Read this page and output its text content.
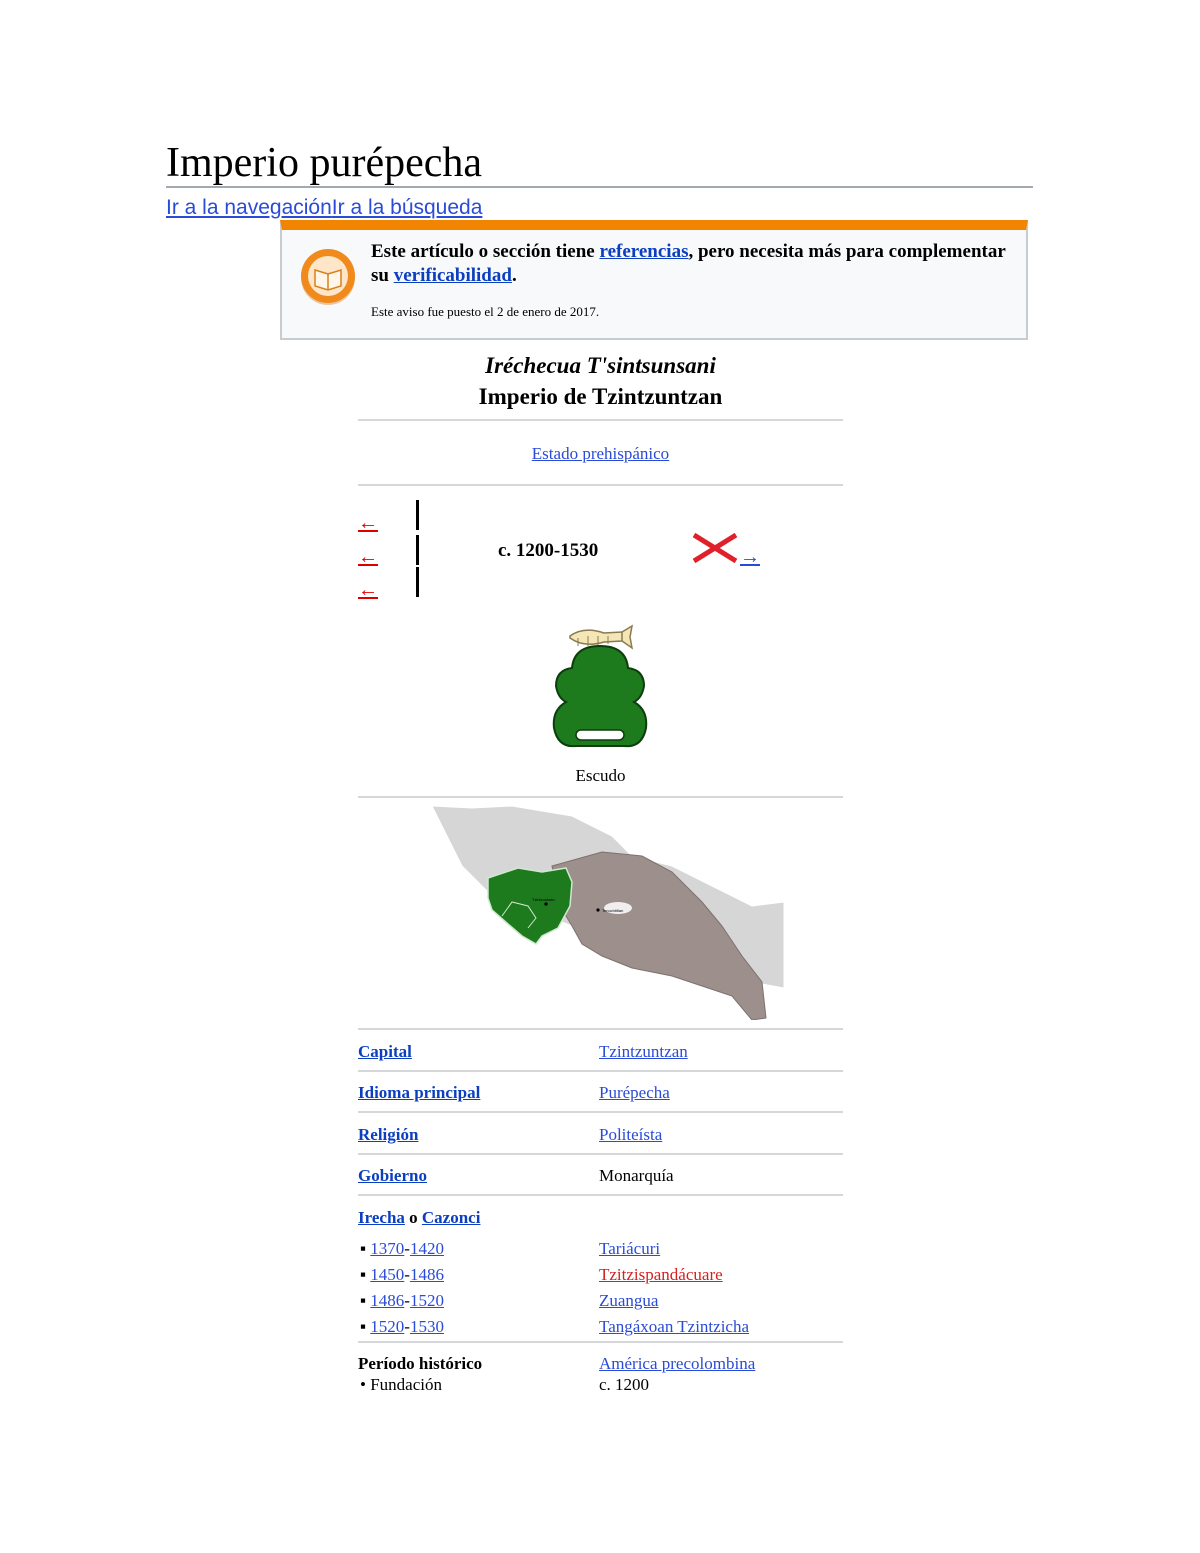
Imperio purépecha
Ir a la navegaciónIr a la búsqueda
Este artículo o sección tiene referencias, pero necesita más para complementar su verificabilidad.
Este aviso fue puesto el 2 de enero de 2017.
Iréchecua T'sintsunsani
Imperio de Tzintzuntzan
Estado prehispánico
←
←
←
c. 1200-1530	→
Escudo
Tzintzuntzan
Tenochtitlan
Capital	Tzintzuntzan
Idioma principal	Purépecha
Religión	Politeísta
Gobierno	Monarquía
Irecha o Cazonci
▪ 1370-1420	Tariácuri
▪ 1450-1486	Tzitzispandácuare
▪ 1486-1520	Zuangua
▪ 1520-1530	Tangáxoan Tzintzicha
Período histórico	América precolombina
• Fundación	c. 1200
